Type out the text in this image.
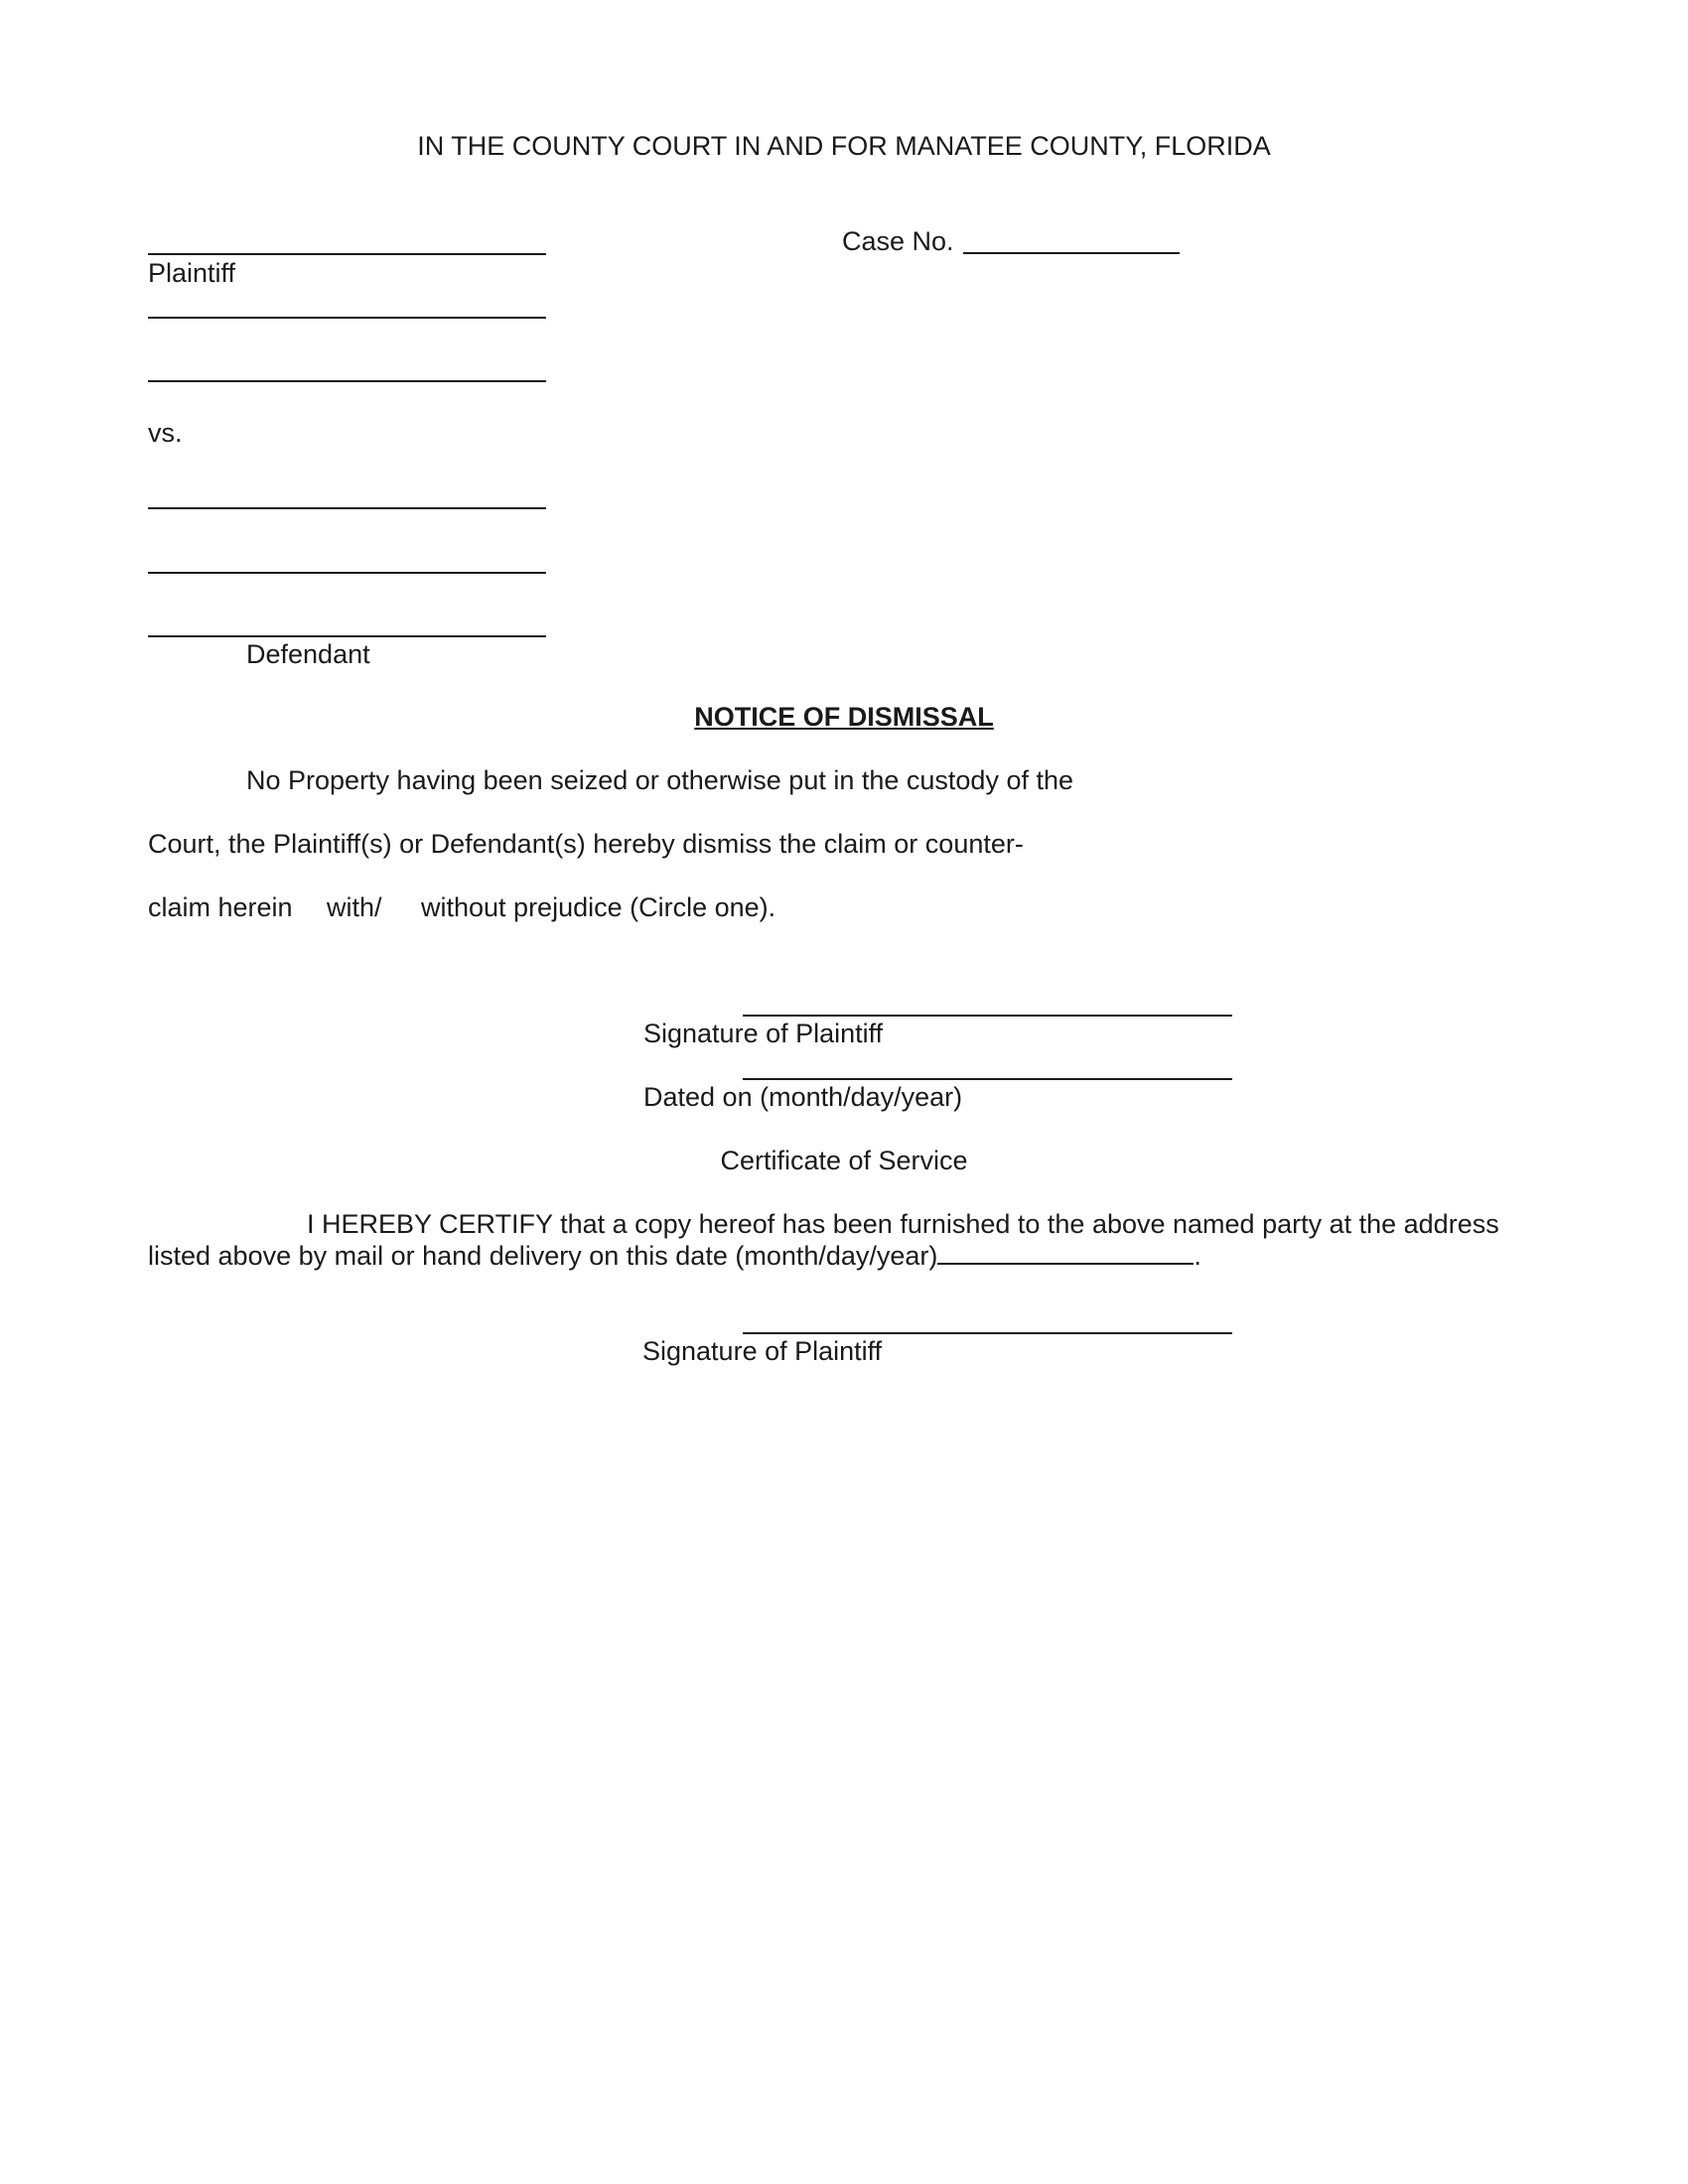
IN THE COUNTY COURT IN AND FOR MANATEE COUNTY, FLORIDA
Case No.
Plaintiff
vs.
Defendant
NOTICE OF DISMISSAL
No Property having been seized or otherwise put in the custody of the
Court, the Plaintiff(s) or Defendant(s) hereby dismiss the claim or counter-
claim herein with/ without prejudice (Circle one).
Signature of Plaintiff
Dated on (month/day/year)
Certificate of Service
I HEREBY CERTIFY that a copy hereof has been furnished to the above named party at the address
listed above by mail or hand delivery on this date (month/day/year)	.
Signature of Plaintiff
